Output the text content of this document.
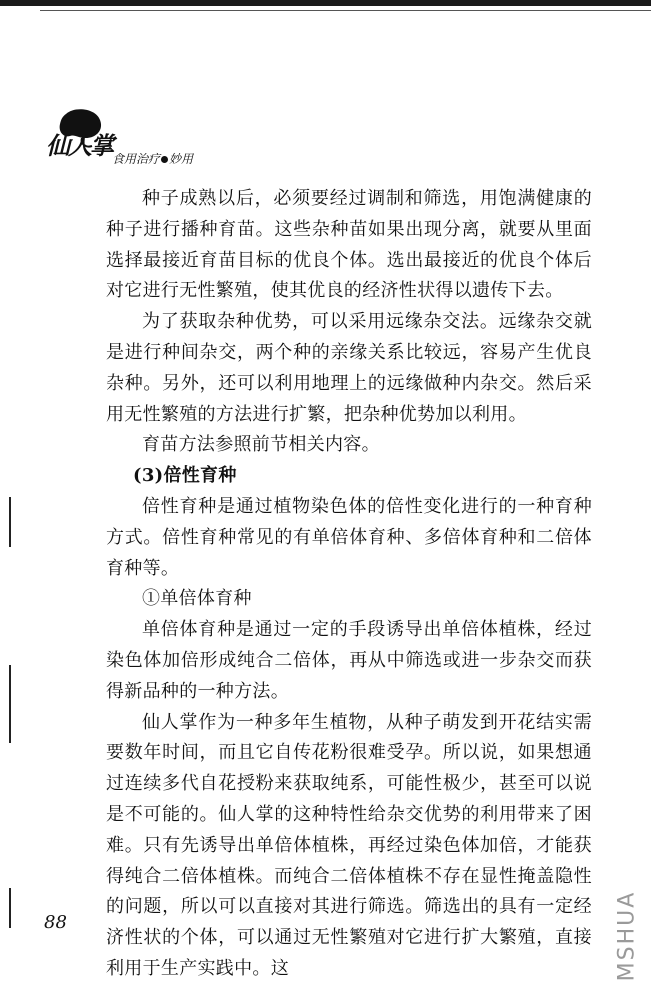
仙人掌 食用治疗 妙用

种子成熟以后，必须要经过调制和筛选，用饱满健康的种子进行播种育苗。这些杂种苗如果出现分离，就要从里面选择最接近育苗目标的优良个体。选出最接近的优良个体后对它进行无性繁殖，使其优良的经济性状得以遗传下去。

为了获取杂种优势，可以采用远缘杂交法。远缘杂交就是进行种间杂交，两个种的亲缘关系比较远，容易产生优良杂种。另外，还可以利用地理上的远缘做种内杂交。然后采用无性繁殖的方法进行扩繁，把杂种优势加以利用。

育苗方法参照前节相关内容。

(3)倍性育种

倍性育种是通过植物染色体的倍性变化进行的一种育种方式。倍性育种常见的有单倍体育种、多倍体育种和二倍体育种等。

①单倍体育种

单倍体育种是通过一定的手段诱导出单倍体植株，经过染色体加倍形成纯合二倍体，再从中筛选或进一步杂交而获得新品种的一种方法。

仙人掌作为一种多年生植物，从种子萌发到开花结实需要数年时间，而且它自传花粉很难受孕。所以说，如果想通过连续多代自花授粉来获取纯系，可能性极少，甚至可以说是不可能的。仙人掌的这种特性给杂交优势的利用带来了困难。只有先诱导出单倍体植株，再经过染色体加倍，才能获得纯合二倍体植株。而纯合二倍体植株不存在显性掩盖隐性的问题，所以可以直接对其进行筛选。筛选出的具有一定经济性状的个体，可以通过无性繁殖对它进行扩大繁殖，直接利用于生产实践中。这

88	MSHUA
